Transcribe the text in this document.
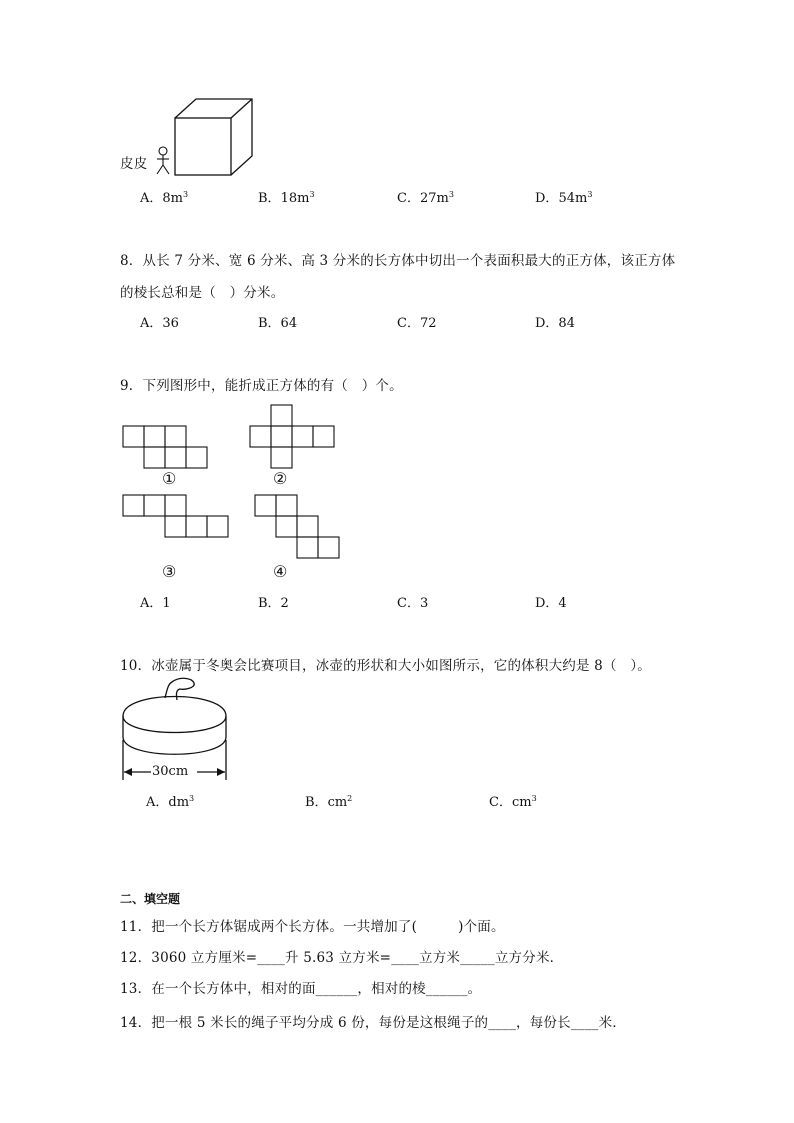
皮皮
A．$8m^3$	B．$18m^3$	C．$27m^3$	D．$54m^3$
8．从长 7 分米、宽 6 分米、高 3 分米的长方体中切出一个表面积最大的正方体，该正方体
的棱长总和是（　）分米。
A．36	B．64	C．72	D．84
9．下列图形中，能折成正方体的有（　）个。
①	②
③	④
A．1	B．2	C．3	D．4
10．冰壶属于冬奥会比赛项目，冰壶的形状和大小如图所示，它的体积大约是 8（　）。
30cm
A．$dm^3$	B．$cm^2$	C．$cm^3$
二、填空题
11．把一个长方体锯成两个长方体。一共增加了(　　　)个面。
12．3060 立方厘米=____升 5.63 立方米=____立方米_____立方分米．
13．在一个长方体中，相对的面______，相对的棱______。
14．把一根 5 米长的绳子平均分成 6 份，每份是这根绳子的____，每份长____米．
